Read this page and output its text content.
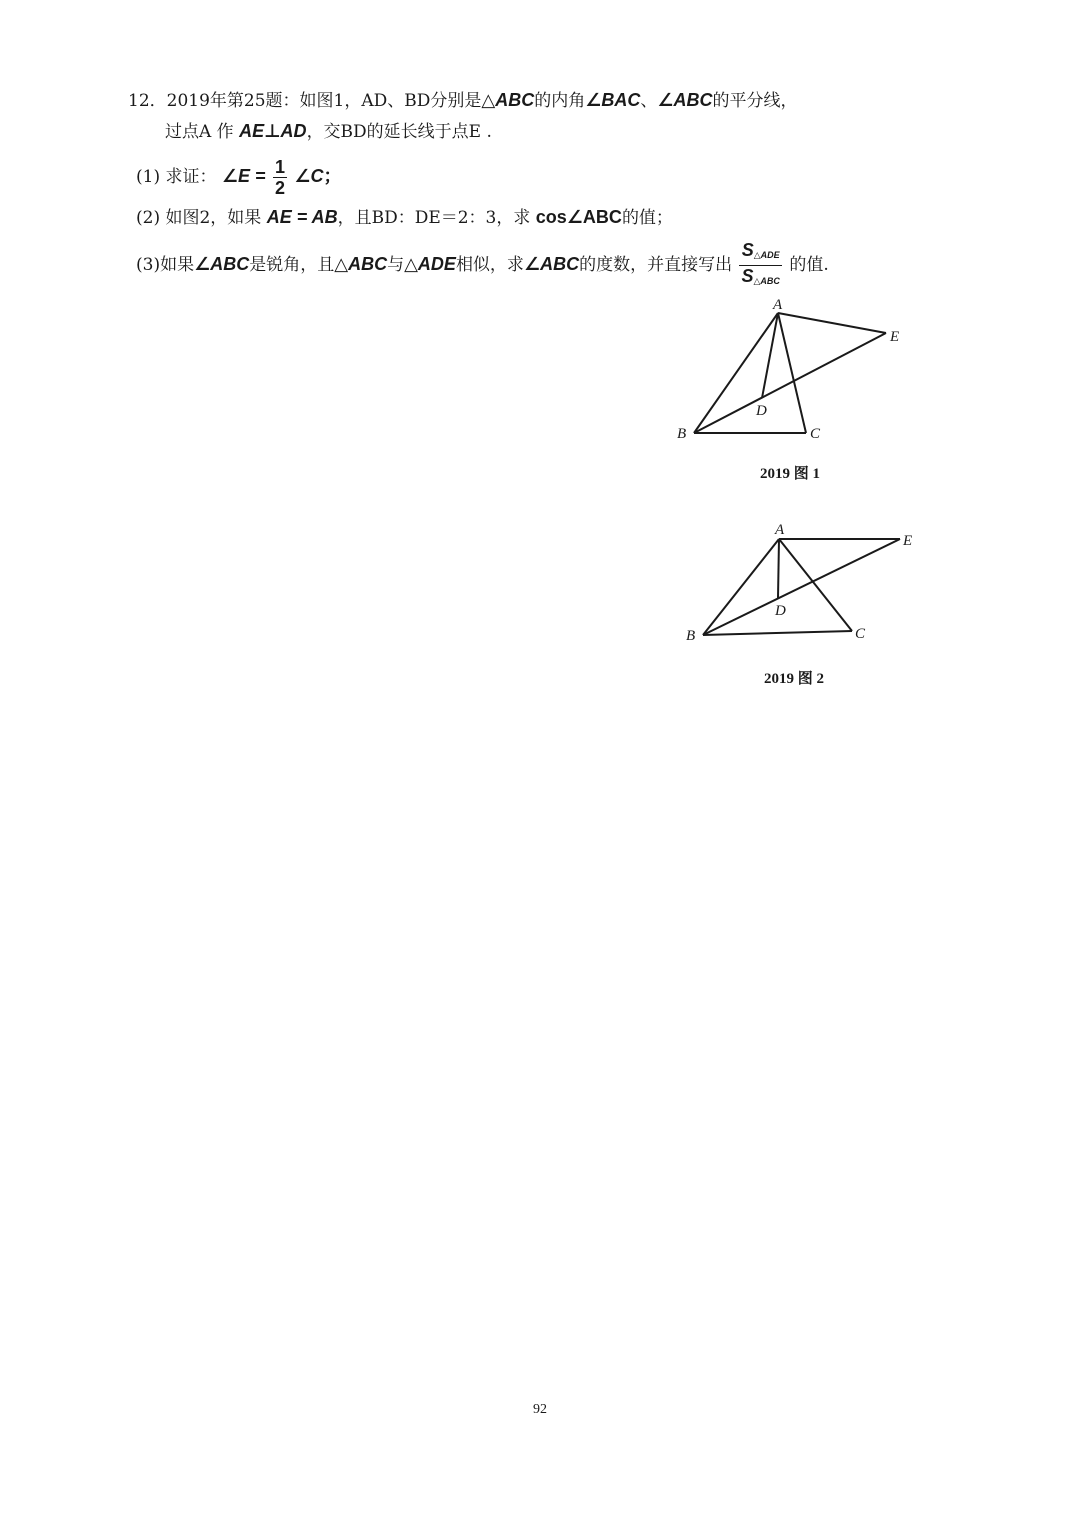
12．2019年第25题：如图1，AD、BD分别是△ABC的内角∠BAC、∠ABC的平分线，
过点A 作 AE⊥AD，交BD的延长线于点E .
(1) 求证： ∠E = $\frac{1}{2}$ ∠C；
(2) 如图2，如果 AE = AB，且BD：DE＝2：3，求 cos∠ABC的值；
(3)如果∠ABC是锐角，且△ABC与△ADE相似，求∠ABC的度数，并直接写出 $\frac{S_{\triangle ADE}}{S_{\triangle ABC}}$ 的值.
A
B	C
D
E
2019 图 1
A
B	C
D
E
2019 图 2
92
